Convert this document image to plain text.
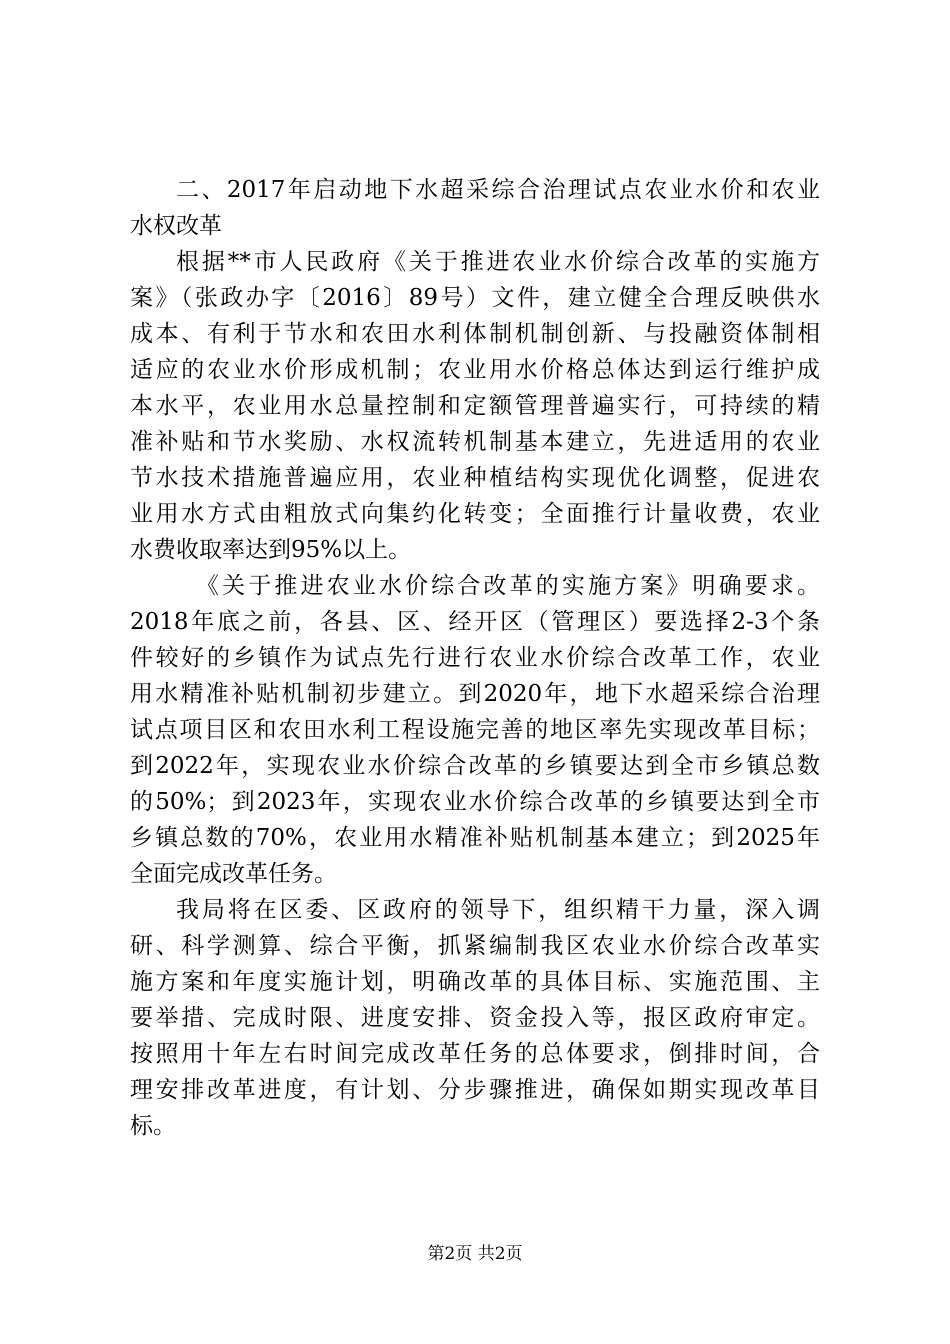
二、2017年启动地下水超采综合治理试点农业水价和农业
水权改革
根据**市人民政府《关于推进农业水价综合改革的实施方
案》（张政办字〔2016〕89号）文件，建立健全合理反映供水
成本、有利于节水和农田水利体制机制创新、与投融资体制相
适应的农业水价形成机制；农业用水价格总体达到运行维护成
本水平，农业用水总量控制和定额管理普遍实行，可持续的精
准补贴和节水奖励、水权流转机制基本建立，先进适用的农业
节水技术措施普遍应用，农业种植结构实现优化调整，促进农
业用水方式由粗放式向集约化转变；全面推行计量收费，农业
水费收取率达到95%以上。
《关于推进农业水价综合改革的实施方案》明确要求。
2018年底之前，各县、区、经开区（管理区）要选择2-3个条
件较好的乡镇作为试点先行进行农业水价综合改革工作，农业
用水精准补贴机制初步建立。到2020年，地下水超采综合治理
试点项目区和农田水利工程设施完善的地区率先实现改革目标；
到2022年，实现农业水价综合改革的乡镇要达到全市乡镇总数
的50%；到2023年，实现农业水价综合改革的乡镇要达到全市
乡镇总数的70%，农业用水精准补贴机制基本建立；到2025年
全面完成改革任务。
我局将在区委、区政府的领导下，组织精干力量，深入调
研、科学测算、综合平衡，抓紧编制我区农业水价综合改革实
施方案和年度实施计划，明确改革的具体目标、实施范围、主
要举措、完成时限、进度安排、资金投入等，报区政府审定。
按照用十年左右时间完成改革任务的总体要求，倒排时间，合
理安排改革进度，有计划、分步骤推进，确保如期实现改革目
标。
第2页 共2页
